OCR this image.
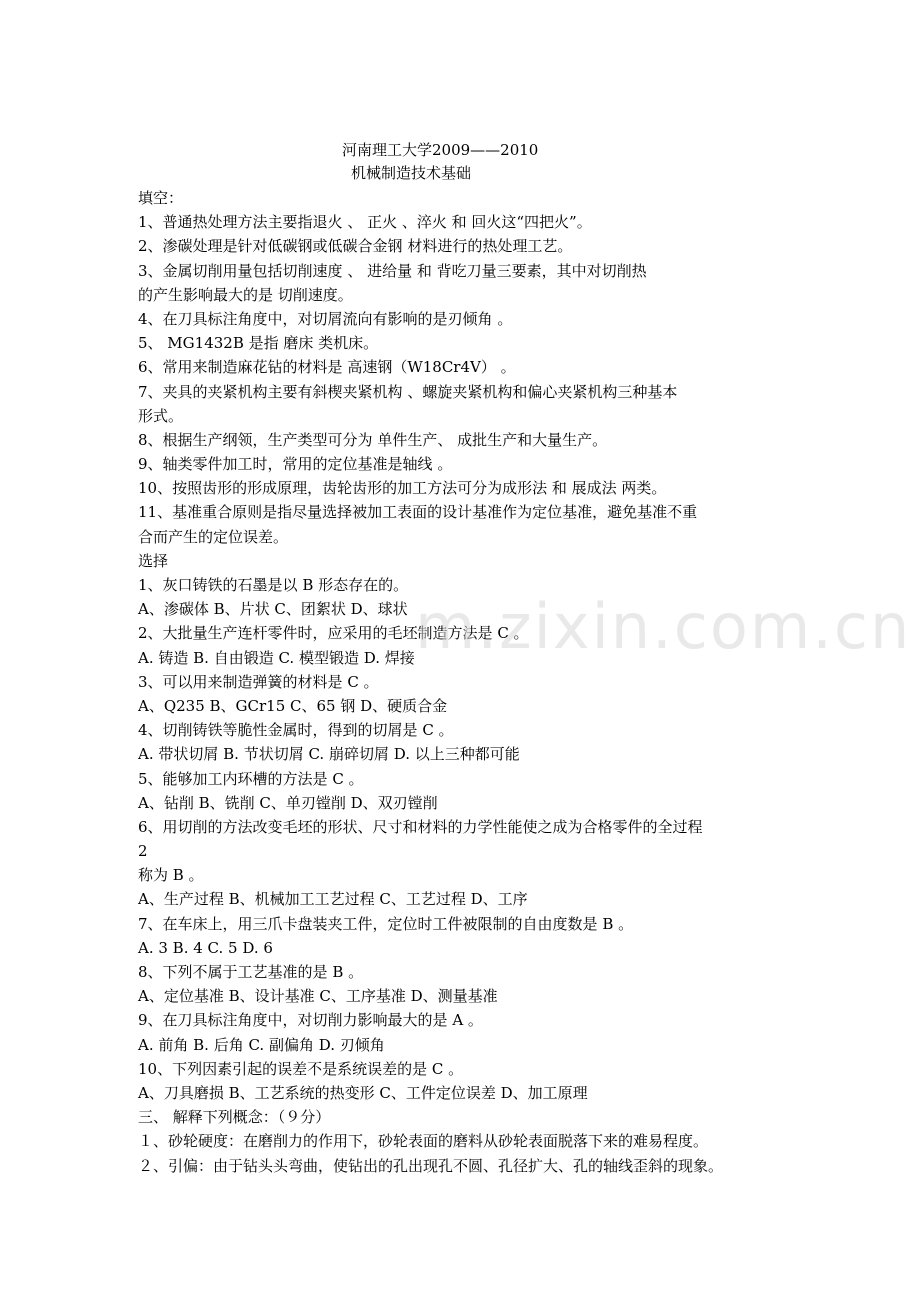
河南理工大学2009——2010
机械制造技术基础
填空：
1、普通热处理方法主要指退火 、 正火 、淬火 和 回火这“四把火”。
2、渗碳处理是针对低碳钢或低碳合金钢 材料进行的热处理工艺。
3、金属切削用量包括切削速度 、 进给量 和 背吃刀量三要素，其中对切削热
的产生影响最大的是 切削速度。
4、在刀具标注角度中，对切屑流向有影响的是刃倾角 。
5、 MG1432B 是指 磨床 类机床。
6、常用来制造麻花钻的材料是 高速钢（W18Cr4V） 。
7、夹具的夹紧机构主要有斜楔夹紧机构 、螺旋夹紧机构和偏心夹紧机构三种基本
形式。
8、根据生产纲领，生产类型可分为 单件生产、 成批生产和大量生产。
9、轴类零件加工时，常用的定位基准是轴线 。
10、按照齿形的形成原理，齿轮齿形的加工方法可分为成形法 和 展成法 两类。
11、基准重合原则是指尽量选择被加工表面的设计基准作为定位基准，避免基准不重
合而产生的定位误差。
选择
1、灰口铸铁的石墨是以 B 形态存在的。
A、渗碳体 B、片状 C、团絮状 D、球状
2、大批量生产连杆零件时，应采用的毛坯制造方法是 C 。
A. 铸造 B. 自由锻造 C. 模型锻造 D. 焊接
3、可以用来制造弹簧的材料是 C 。
A、Q235 B、GCr15 C、65 钢 D、硬质合金
4、切削铸铁等脆性金属时，得到的切屑是 C 。
A. 带状切屑 B. 节状切屑 C. 崩碎切屑 D. 以上三种都可能
5、能够加工内环槽的方法是 C 。
A、钻削 B、铣削 C、单刃镗削 D、双刃镗削
6、用切削的方法改变毛坯的形状、尺寸和材料的力学性能使之成为合格零件的全过程
2
称为 B 。
A、生产过程 B、机械加工工艺过程 C、工艺过程 D、工序
7、在车床上，用三爪卡盘装夹工件，定位时工件被限制的自由度数是 B 。
A. 3 B. 4 C. 5 D. 6
8、下列不属于工艺基准的是 B 。
A、定位基准 B、设计基准 C、工序基准 D、测量基准
9、在刀具标注角度中，对切削力影响最大的是 A 。
A. 前角 B. 后角 C. 副偏角 D. 刃倾角
10、下列因素引起的误差不是系统误差的是 C 。
A、刀具磨损 B、工艺系统的热变形 C、工件定位误差 D、加工原理
三、 解释下列概念：（９分）
１、砂轮硬度：在磨削力的作用下，砂轮表面的磨料从砂轮表面脱落下来的难易程度。
２、引偏：由于钻头头弯曲，使钻出的孔出现孔不圆、孔径扩大、孔的轴线歪斜的现象。
m.zixin.com.cn
